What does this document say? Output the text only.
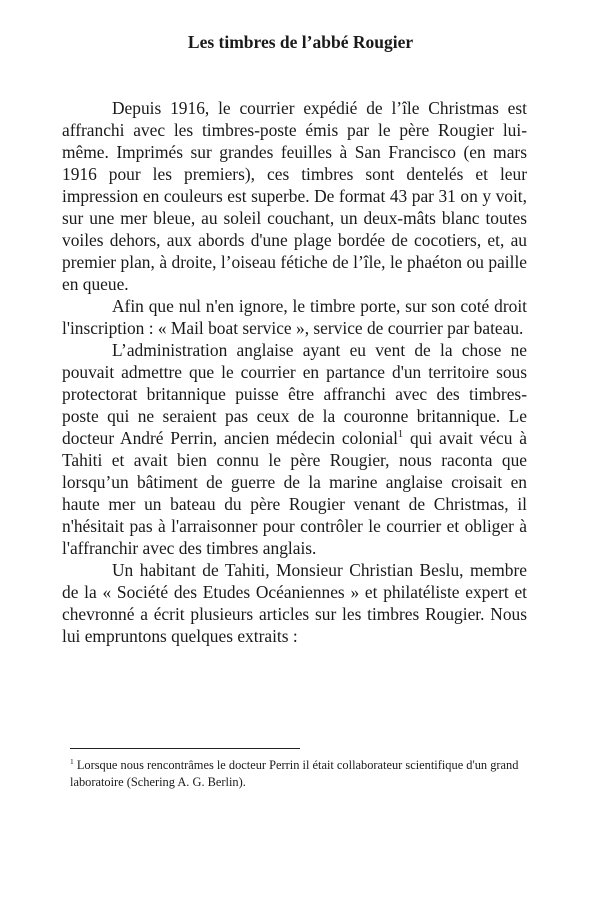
Les timbres de l’abbé Rougier

Depuis 1916, le courrier expédié de l’île Christmas est affranchi avec les timbres-poste émis par le père Rougier lui-même. Imprimés sur grandes feuilles à San Francisco (en mars 1916 pour les premiers), ces timbres sont dentelés et leur impression en couleurs est superbe. De format 43 par 31 on y voit, sur une mer bleue, au soleil couchant, un deux-mâts blanc toutes voiles dehors, aux abords d'une plage bordée de cocotiers, et, au premier plan, à droite, l’oiseau fétiche de l’île, le phaéton ou paille en queue.

Afin que nul n'en ignore, le timbre porte, sur son coté droit l'inscription : « Mail boat service », service de courrier par bateau.

L’administration anglaise ayant eu vent de la chose ne pouvait admettre que le courrier en partance d'un territoire sous protectorat britannique puisse être affranchi avec des timbres-poste qui ne seraient pas ceux de la couronne britannique. Le docteur André Perrin, ancien médecin colonial$^1$ qui avait vécu à Tahiti et avait bien connu le père Rougier, nous raconta que lorsqu’un bâtiment de guerre de la marine anglaise croisait en haute mer un bateau du père Rougier venant de Christmas, il n'hésitait pas à l'arraisonner pour contrôler le courrier et obliger à l'affranchir avec des timbres anglais.

Un habitant de Tahiti, Monsieur Christian Beslu, membre de la « Société des Etudes Océaniennes » et philatéliste expert et chevronné a écrit plusieurs articles sur les timbres Rougier. Nous lui empruntons quelques extraits :

$^1$ Lorsque nous rencontrâmes le docteur Perrin il était collaborateur scientifique d'un grand laboratoire (Schering A. G. Berlin).
